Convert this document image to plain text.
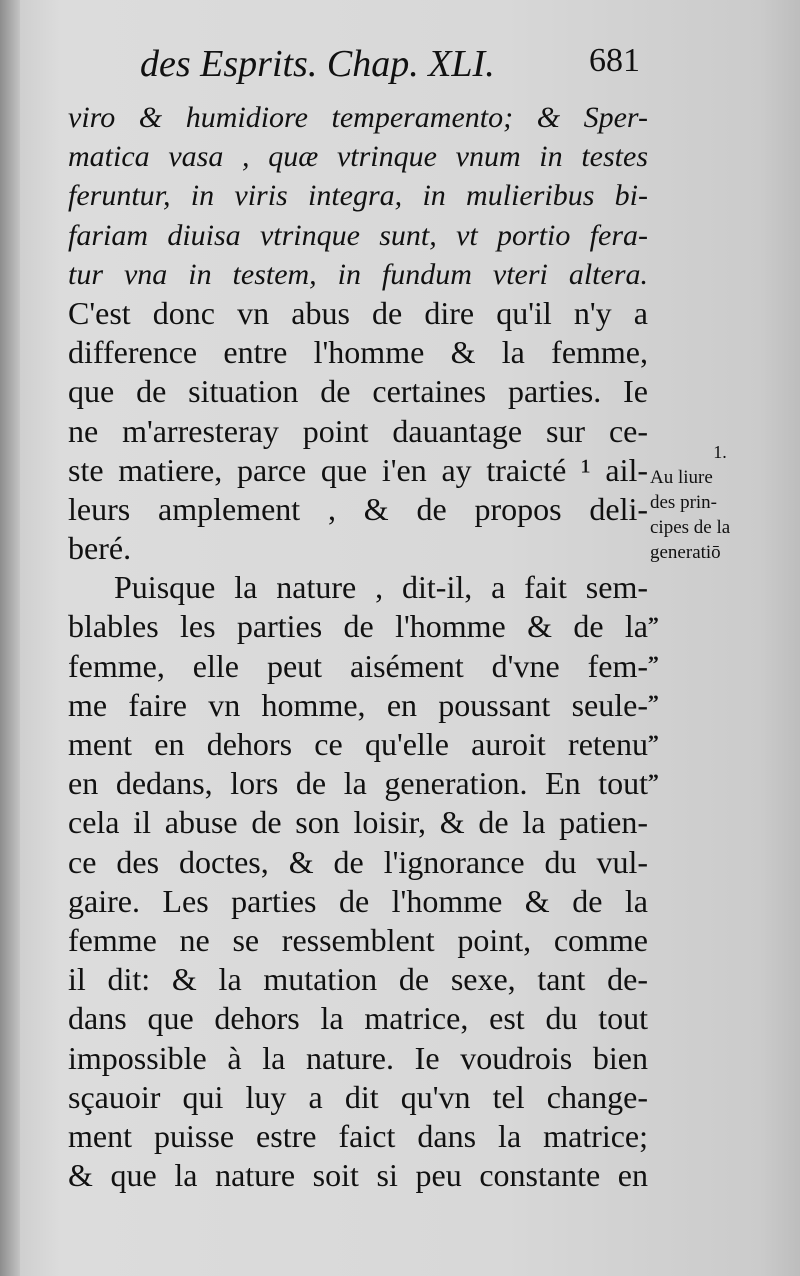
des Esprits. Chap. XLI.	681
viro & humidiore temperamento; & Sper-
matica vasa , quæ vtrinque vnum in testes
feruntur, in viris integra, in mulieribus bi-
fariam diuisa vtrinque sunt, vt portio fera-
tur vna in testem, in fundum vteri altera.
C'est donc vn abus de dire qu'il n'y a
difference entre l'homme & la femme,
que de situation de certaines parties. Ie
ne m'arresteray point dauantage sur ce-
ste matiere, parce que i'en ay traicté ¹ ail-
leurs amplement , & de propos deli-
beré.
Puisque la nature , dit-il, a fait sem-
blables les parties de l'homme & de la
femme, elle peut aisément d'vne fem-
me faire vn homme, en poussant seule-
ment en dehors ce qu'elle auroit retenu
en dedans, lors de la generation. En tout
cela il abuse de son loisir, & de la patien-
ce des doctes, & de l'ignorance du vul-
gaire. Les parties de l'homme & de la
femme ne se ressemblent point, comme
il dit: & la mutation de sexe, tant de-
dans que dehors la matrice, est du tout
impossible à la nature. Ie voudrois bien
sçauoir qui luy a dit qu'vn tel change-
ment puisse estre faict dans la matrice;
& que la nature soit si peu constante en
1.
Au liure
des prin-
cipes de la
generatiō
„
„
„
„
„
